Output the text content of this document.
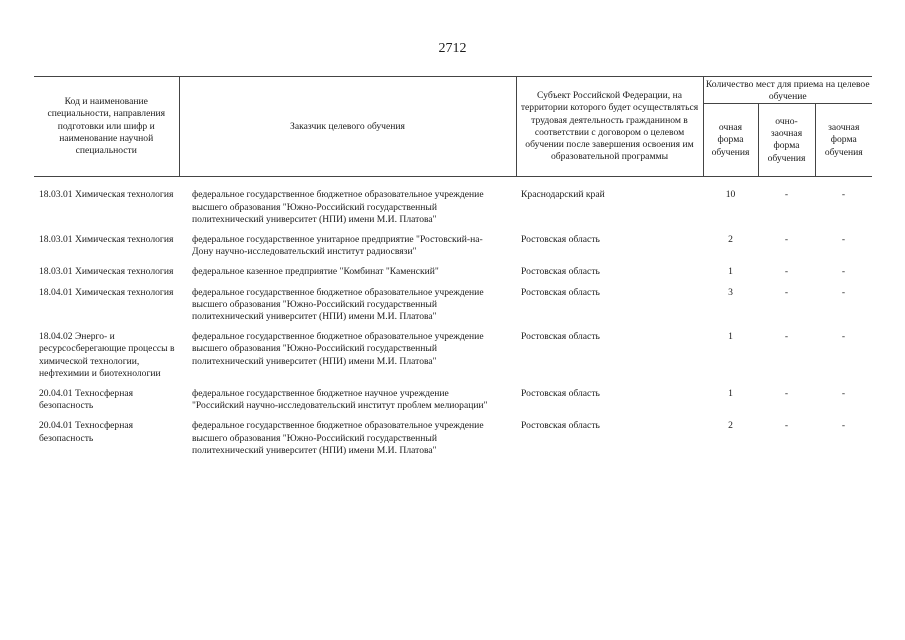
2712
Код и наименование специальности, направления подготовки или шифр и наименование научной специальности	Заказчик целевого обучения	Субъект Российской Федерации, на территории которого будет осуществляться трудовая деятельность гражданином в соответствии с договором о целевом обучении после завершения освоения им образовательной программы	Количество мест для приема на целевое обучение		
			очная форма обучения	очно-заочная форма обучения	заочная форма обучения

18.03.01 Химическая технология	федеральное государственное бюджетное образовательное учреждение высшего образования "Южно-Российский государственный политехнический университет (НПИ) имени М.И. Платова"	Краснодарский край	10	-	-
18.03.01 Химическая технология	федеральное государственное унитарное предприятие "Ростовский-на-Дону научно-исследовательский институт радиосвязи"	Ростовская область	2	-	-
18.03.01 Химическая технология	федеральное казенное предприятие "Комбинат "Каменский"	Ростовская область	1	-	-
18.04.01 Химическая технология	федеральное государственное бюджетное образовательное учреждение высшего образования "Южно-Российский государственный политехнический университет (НПИ) имени М.И. Платова"	Ростовская область	3	-	-
18.04.02 Энерго- и ресурсосберегающие процессы в химической технологии, нефтехимии и биотехнологии	федеральное государственное бюджетное образовательное учреждение высшего образования "Южно-Российский государственный политехнический университет (НПИ) имени М.И. Платова"	Ростовская область	1	-	-
20.04.01 Техносферная безопасность	федеральное государственное бюджетное научное учреждение "Российский научно-исследовательский институт проблем мелиорации"	Ростовская область	1	-	-
20.04.01 Техносферная безопасность	федеральное государственное бюджетное образовательное учреждение высшего образования "Южно-Российский государственный политехнический университет (НПИ) имени М.И. Платова"	Ростовская область	2	-	-
